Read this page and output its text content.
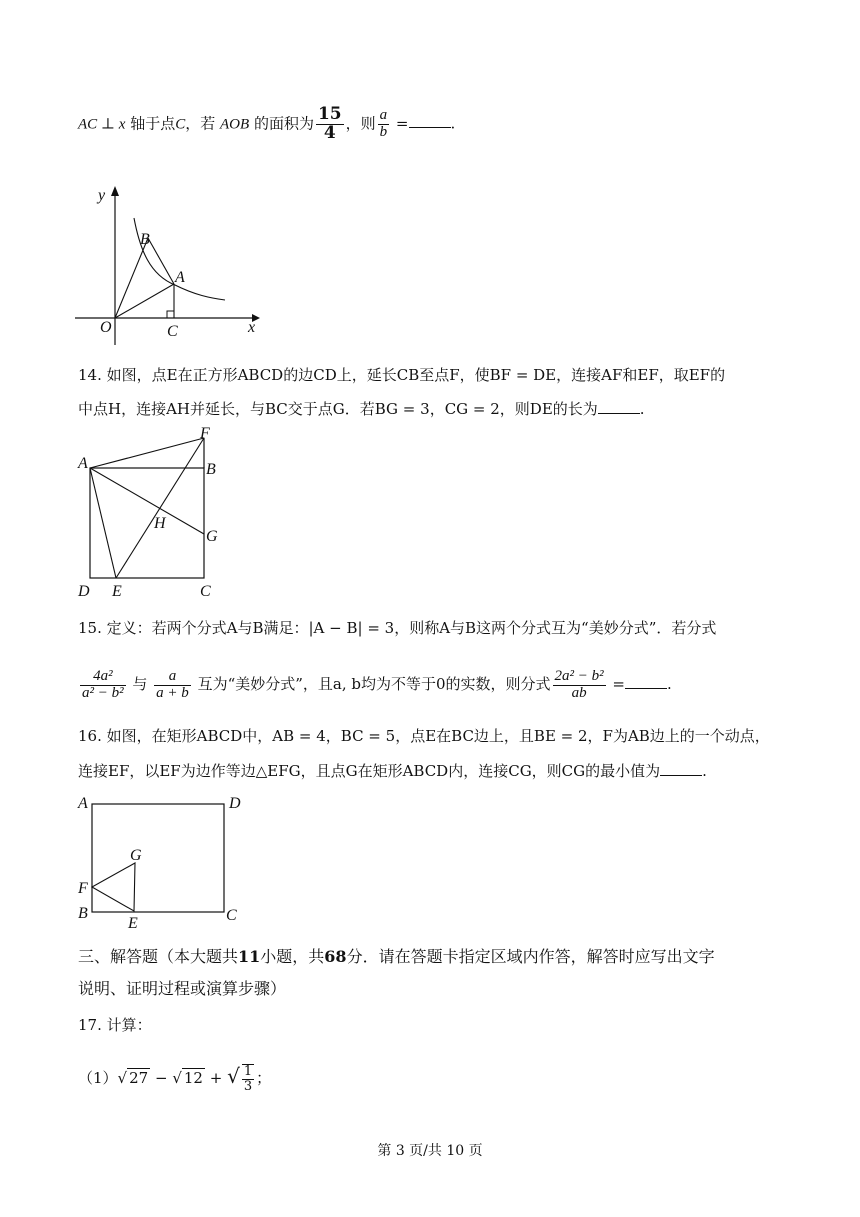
AC ⊥ x 轴于点C，若 AOB 的面积为 $\frac{15}{4}$ ，则 $\frac{a}{b}$ =	.
y
x
O
A
B
C
14. 如图，点E在正方形ABCD的边CD上，延长CB至点F，使BF = DE，连接AF和EF，取EF的
中点H，连接AH并延长，与BC交于点G．若BG = 3，CG = 2，则DE的长为	.
A	B
C
D E
F
G
H
15. 定义：若两个分式A与B满足：|A − B| = 3，则称A与B这两个分式互为“美妙分式”．若分式
$\frac{\text{4a²}}{\text{a² − b²}}$ 与 $\frac{a}{a + b}$ 互为“美妙分式”，且a, b均为不等于0的实数，则分式 $\frac{\text{2a² − b²}}{ab}$ =	.
16. 如图，在矩形ABCD中，AB = 4，BC = 5，点E在BC边上，且BE = 2，F为AB边上的一个动点，
连接EF，以EF为边作等边△EFG，且点G在矩形ABCD内，连接CG，则CG的最小值为	.
A	D
B	C
E
F
G
三、解答题（本大题共11小题，共68分．请在答题卡指定区域内作答，解答时应写出文字
说明、证明过程或演算步骤）
17. 计算：
（1）√ 27 − √ 12 + √ $\frac{1}{3}$ ；
第 3 页/共 10 页
